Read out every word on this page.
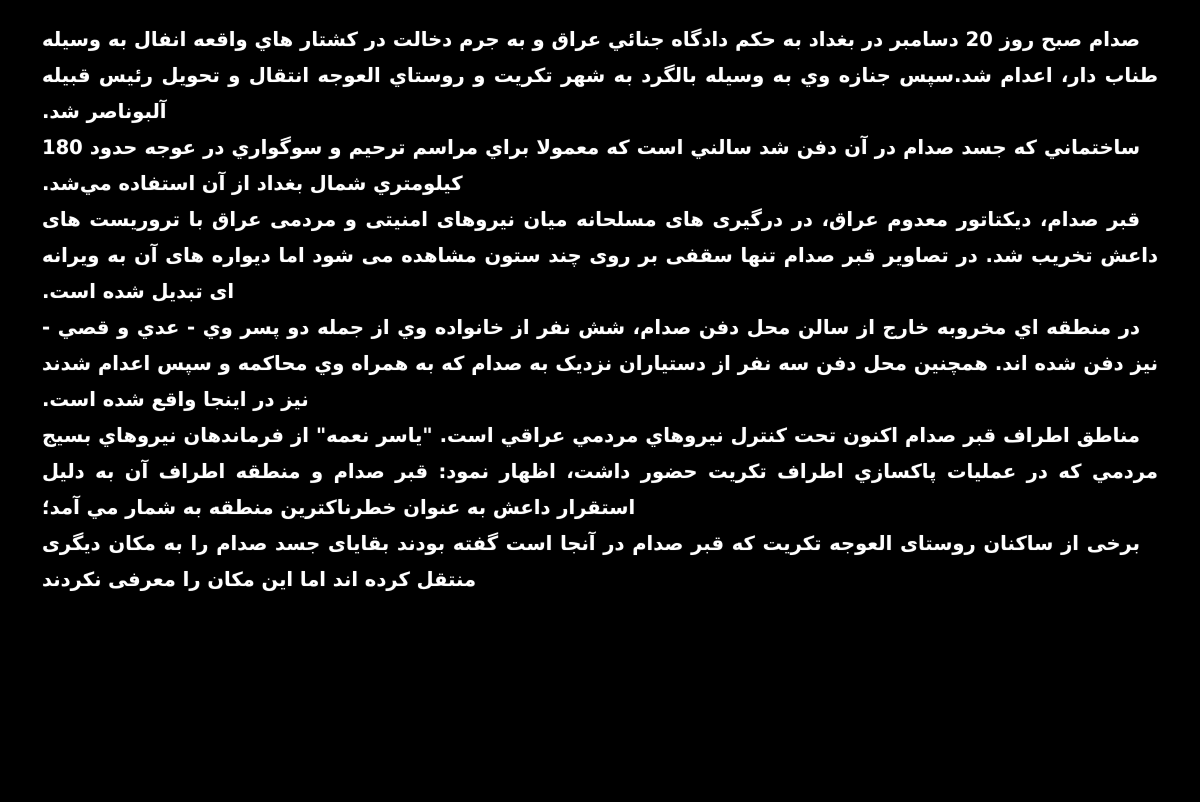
صدام صبح روز 20 دسامبر در بغداد به حكم دادگاه جنائي عراق و به جرم دخالت در كشتار هاي واقعه انفال به وسيله طناب دار، اعدام شد.سپس جنازه وي به وسيله بالگرد به شهر تكريت و روستاي العوجه انتقال و تحويل رئيس قبيله آلبوناصر شد.

ساختماني كه جسد صدام در آن دفن شد سالني است كه معمولا براي مراسم ترحيم و سوگواري در عوجه حدود 180 كيلومتري شمال بغداد از آن استفاده مي‌شد.

قبر صدام، دیکتاتور معدوم عراق، در درگیری های مسلحانه میان نیروهای امنیتی و مردمی عراق با تروریست های داعش تخریب شد. در تصاویر قبر صدام تنها سقفی بر روی چند ستون مشاهده می شود اما دیواره های آن به ویرانه ای تبدیل شده است.

در منطقه اي مخروبه خارج از سالن محل دفن صدام، شش نفر از خانواده وي از جمله دو پسر وي - عدي و قصي - نیز دفن شده اند. همچنین محل دفن سه نفر از دستیاران نزدیک به صدام که به همراه وي محاکمه و سپس اعدام شدند نیز در اینجا واقع شده است.

مناطق اطراف قبر صدام اكنون تحت كنترل نيروهاي مردمي عراقي است. "ياسر نعمه" از فرماندهان نيروهاي بسيج مردمي كه در عمليات پاكسازي اطراف تكريت حضور داشت، اظهار نمود: قبر صدام و منطقه اطراف آن به دليل استقرار داعش به عنوان خطرناكترين منطقه به شمار مي آمد؛

برخی از ساکنان روستای العوجه تکریت که قبر صدام در آنجا است گفته بودند بقایای جسد صدام را به مکان دیگری منتقل کرده اند اما این مکان را معرفی نکردند
